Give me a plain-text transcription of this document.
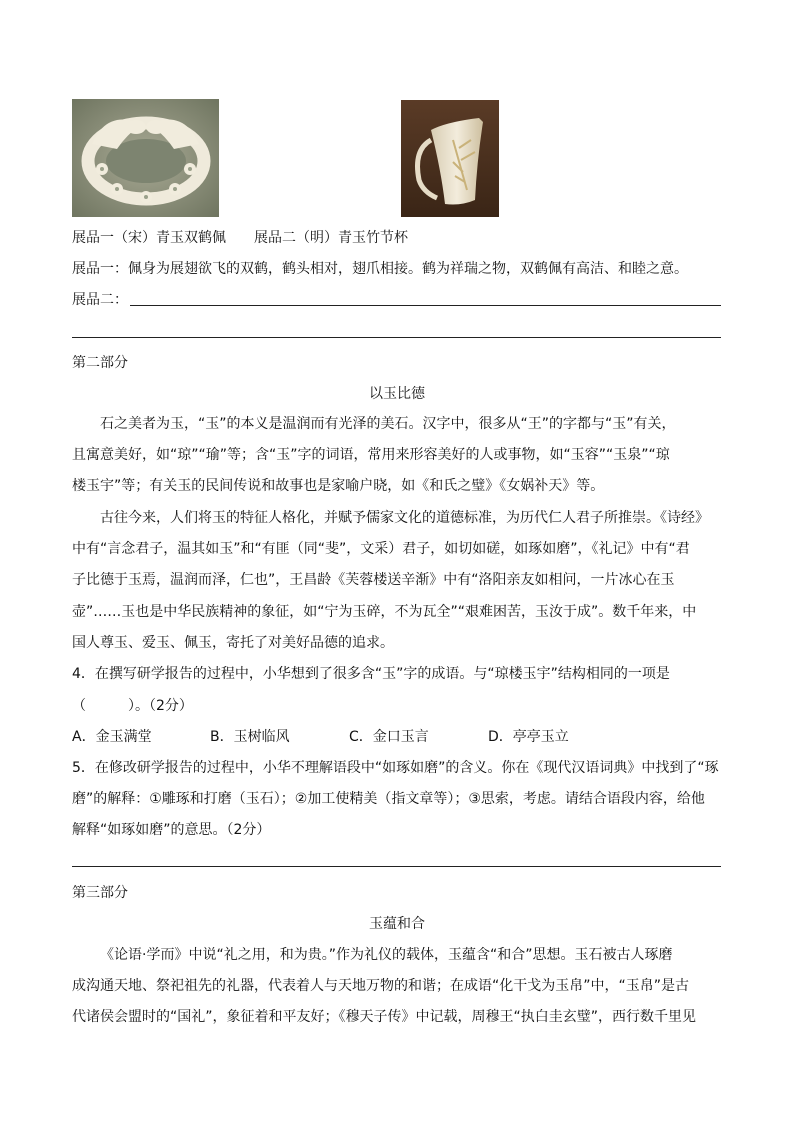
展品一（宋）青玉双鹤佩　　展品二（明）青玉竹节杯
展品一：佩身为展翅欲飞的双鹤，鹤头相对，翅爪相接。鹤为祥瑞之物，双鹤佩有高洁、和睦之意。
展品二：
第二部分
以玉比德
石之美者为玉，“玉”的本义是温润而有光泽的美石。汉字中，很多从“王”的字都与“玉”有关，
且寓意美好，如“琼”“瑜”等；含“玉”字的词语，常用来形容美好的人或事物，如“玉容”“玉泉”“琼
楼玉宇”等；有关玉的民间传说和故事也是家喻户晓，如《和氏之璧》《女娲补天》等。
古往今来，人们将玉的特征人格化，并赋予儒家文化的道德标准，为历代仁人君子所推崇。《诗经》
中有“言念君子，温其如玉”和“有匪（同“斐”，文采）君子，如切如磋，如琢如磨”，《礼记》中有“君
子比德于玉焉，温润而泽，仁也”，王昌龄《芙蓉楼送辛渐》中有“洛阳亲友如相问，一片冰心在玉
壶”……玉也是中华民族精神的象征，如“宁为玉碎，不为瓦全”“艰难困苦，玉汝于成”。数千年来，中
国人尊玉、爱玉、佩玉，寄托了对美好品德的追求。
4．在撰写研学报告的过程中，小华想到了很多含“玉”字的成语。与“琼楼玉宇”结构相同的一项是
（　　　）。（2分）
A．金玉满堂	B．玉树临风	C．金口玉言	D．亭亭玉立
5．在修改研学报告的过程中，小华不理解语段中“如琢如磨”的含义。你在《现代汉语词典》中找到了“琢
磨”的解释：①雕琢和打磨（玉石）；②加工使精美（指文章等）；③思索，考虑。请结合语段内容，给他
解释“如琢如磨”的意思。（2分）
第三部分
玉蕴和合
《论语·学而》中说“礼之用，和为贵。”作为礼仪的载体，玉蕴含“和合”思想。玉石被古人琢磨
成沟通天地、祭祀祖先的礼器，代表着人与天地万物的和谐；在成语“化干戈为玉帛”中，“玉帛”是古
代诸侯会盟时的“国礼”，象征着和平友好；《穆天子传》中记载，周穆王“执白圭玄璧”，西行数千里见
